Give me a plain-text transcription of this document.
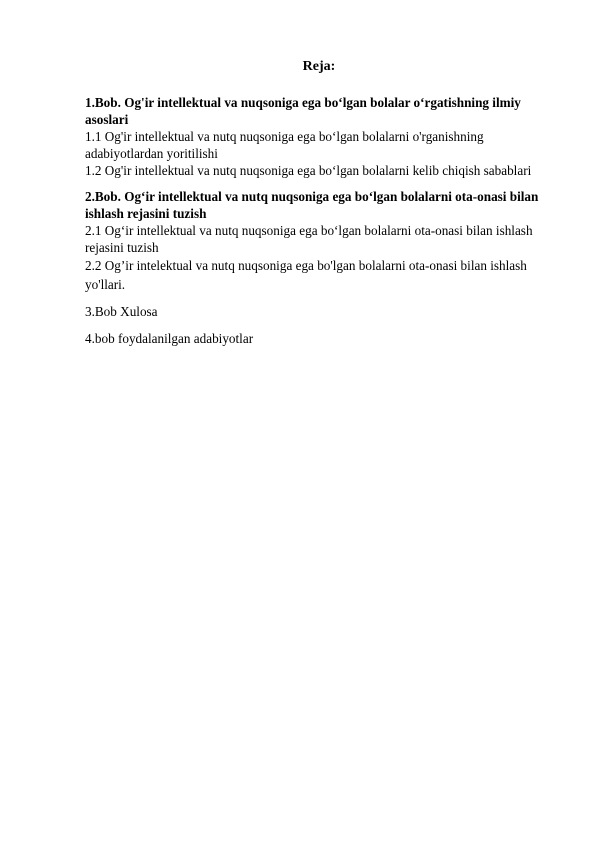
Reja:

1.Bob. Og'ir intellektual va nuqsoniga ega bo‘lgan bolalar o‘rgatishning ilmiy asoslari

1.1 Og'ir intellektual va nutq nuqsoniga ega bo‘lgan bolalarni o'rganishning adabiyotlardan yoritilishi

1.2 Og'ir intellektual va nutq nuqsoniga ega bo‘lgan bolalarni kelib chiqish sabablari

2.Bob. Og‘ir intellektual va nutq nuqsoniga ega bo‘lgan bolalarni ota-onasi bilan ishlash rejasini tuzish

2.1 Og‘ir intellektual va nutq nuqsoniga ega bo‘lgan bolalarni ota-onasi bilan ishlash rejasini tuzish

2.2 Og’ir intelektual va nutq nuqsoniga ega bo'lgan bolalarni ota-onasi bilan ishlash yo'llari.

3.Bob Xulosa

4.bob foydalanilgan adabiyotlar
